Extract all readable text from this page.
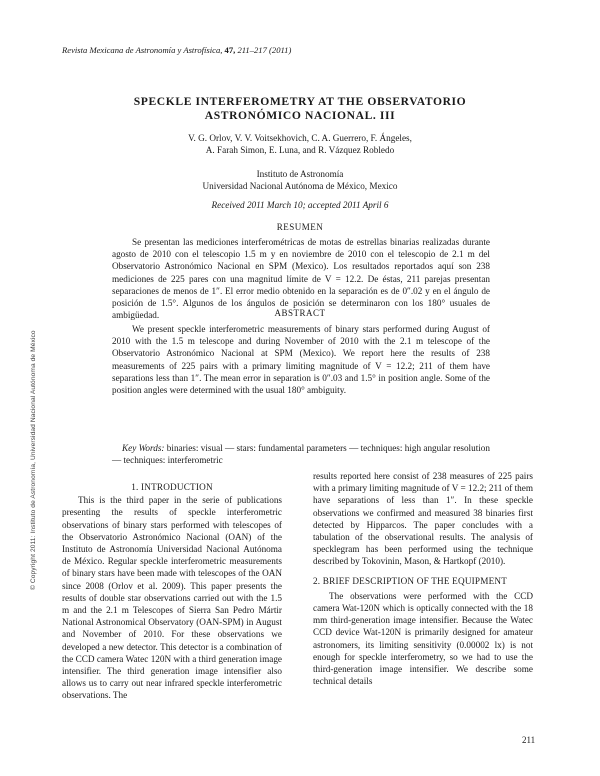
Revista Mexicana de Astronomía y Astrofísica, 47, 211–217 (2011)
SPECKLE INTERFEROMETRY AT THE OBSERVATORIO
ASTRONÓMICO NACIONAL. III
V. G. Orlov, V. V. Voitsekhovich, C. A. Guerrero, F. Ángeles,
A. Farah Simon, E. Luna, and R. Vázquez Robledo
Instituto de Astronomía
Universidad Nacional Autónoma de México, Mexico
Received 2011 March 10; accepted 2011 April 6
RESUMEN

Se presentan las mediciones interferométricas de motas de estrellas binarias realizadas durante agosto de 2010 con el telescopio 1.5 m y en noviembre de 2010 con el telescopio de 2.1 m del Observatorio Astronómico Nacional en SPM (Mexico). Los resultados reportados aquí son 238 mediciones de 225 pares con una magnitud límite de V = 12.2. De éstas, 211 parejas presentan separaciones de menos de 1″. El error medio obtenido en la separación es de 0″.02 y en el ángulo de posición de 1.5°. Algunos de los ángulos de posición se determinaron con los 180° usuales de ambigüedad.	ABSTRACT

We present speckle interferometric measurements of binary stars performed during August of 2010 with the 1.5 m telescope and during November of 2010 with the 2.1 m telescope of the Observatorio Astronómico Nacional at SPM (Mexico). We report here the results of 238 measurements of 225 pairs with a primary limiting magnitude of V = 12.2; 211 of them have separations less than 1″. The mean error in separation is 0″.03 and 1.5° in position angle. Some of the position angles were determined with the usual 180° ambiguity.

Key Words: binaries: visual — stars: fundamental parameters — techniques: high angular resolution — techniques: interferometric
1. INTRODUCTION

This is the third paper in the serie of publications presenting the results of speckle interferometric observations of binary stars performed with telescopes of the Observatorio Astronómico Nacional (OAN) of the Instituto de Astronomía Universidad Nacional Autónoma de México. Regular speckle interferometric measurements of binary stars have been made with telescopes of the OAN since 2008 (Orlov et al. 2009). This paper presents the results of double star observations carried out with the 1.5 m and the 2.1 m Telescopes of Sierra San Pedro Mártir National Astronomical Observatory (OAN-SPM) in August and November of 2010. For these observations we developed a new detector. This detector is a combination of the CCD camera Watec 120N with a third generation image intensifier. The third generation image intensifier also allows us to carry out near infrared speckle interferometric observations. The

results reported here consist of 238 measures of 225 pairs with a primary limiting magnitude of V = 12.2; 211 of them have separations of less than 1″. In these speckle observations we confirmed and measured 38 binaries first detected by Hipparcos. The paper concludes with a tabulation of the observational results. The analysis of specklegram has been performed using the technique described by Tokovinin, Mason, & Hartkopf (2010).

2. BRIEF DESCRIPTION OF THE EQUIPMENT

The observations were performed with the CCD camera Wat-120N which is optically connected with the 18 mm third-generation image intensifier. Because the Watec CCD device Wat-120N is primarily designed for amateur astronomers, its limiting sensitivity (0.00002 lx) is not enough for speckle interferometry, so we had to use the third-generation image intensifier. We describe some technical details

211
© Copyright 2011: Instituto de Astronomía, Universidad Nacional Autónoma de México
